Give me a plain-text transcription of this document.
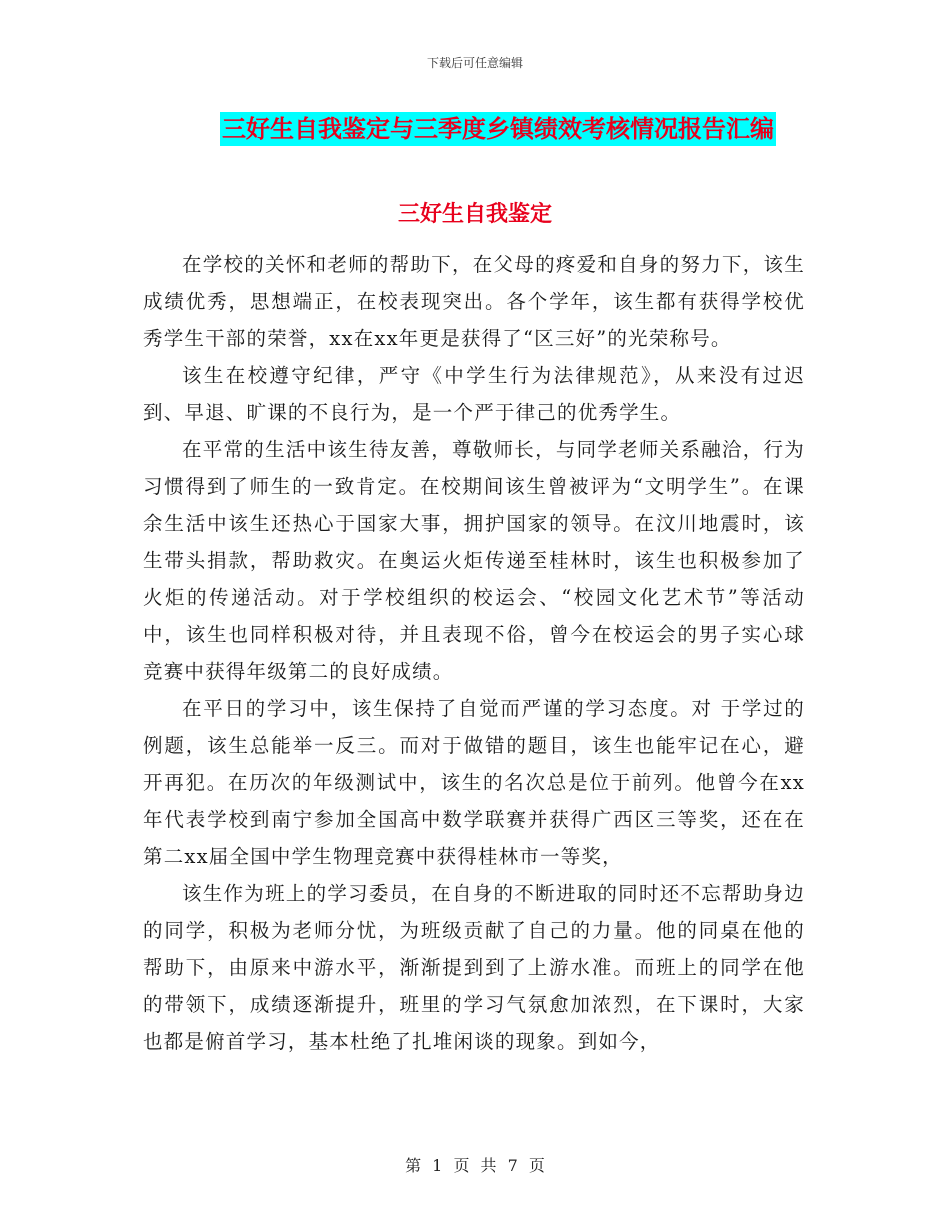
下载后可任意编辑
三好生自我鉴定与三季度乡镇绩效考核情况报告汇编
三好生自我鉴定

在学校的关怀和老师的帮助下，在父母的疼爱和自身的努力下，该生成绩优秀，思想端正，在校表现突出。各个学年，该生都有获得学校优秀学生干部的荣誉，xx在xx年更是获得了“区三好”的光荣称号。

该生在校遵守纪律，严守《中学生行为法律规范》，从来没有过迟到、早退、旷课的不良行为，是一个严于律己的优秀学生。

在平常的生活中该生待友善，尊敬师长，与同学老师关系融洽，行为习惯得到了师生的一致肯定。在校期间该生曾被评为“文明学生”。在课余生活中该生还热心于国家大事，拥护国家的领导。在汶川地震时，该生带头捐款，帮助救灾。在奥运火炬传递至桂林时，该生也积极参加了火炬的传递活动。对于学校组织的校运会、“校园文化艺术节”等活动中，该生也同样积极对待，并且表现不俗，曾今在校运会的男子实心球竞赛中获得年级第二的良好成绩。

在平日的学习中，该生保持了自觉而严谨的学习态度。对 于学过的例题，该生总能举一反三。而对于做错的题目，该生也能牢记在心，避开再犯。在历次的年级测试中，该生的名次总是位于前列。他曾今在xx年代表学校到南宁参加全国高中数学联赛并获得广西区三等奖，还在在第二xx届全国中学生物理竞赛中获得桂林市一等奖，

该生作为班上的学习委员，在自身的不断进取的同时还不忘帮助身边的同学，积极为老师分忧，为班级贡献了自己的力量。他的同桌在他的帮助下，由原来中游水平，渐渐提到到了上游水准。而班上的同学在他的带领下，成绩逐渐提升，班里的学习气氛愈加浓烈，在下课时，大家也都是俯首学习，基本杜绝了扎堆闲谈的现象。到如今，

第 1 页 共 7 页
